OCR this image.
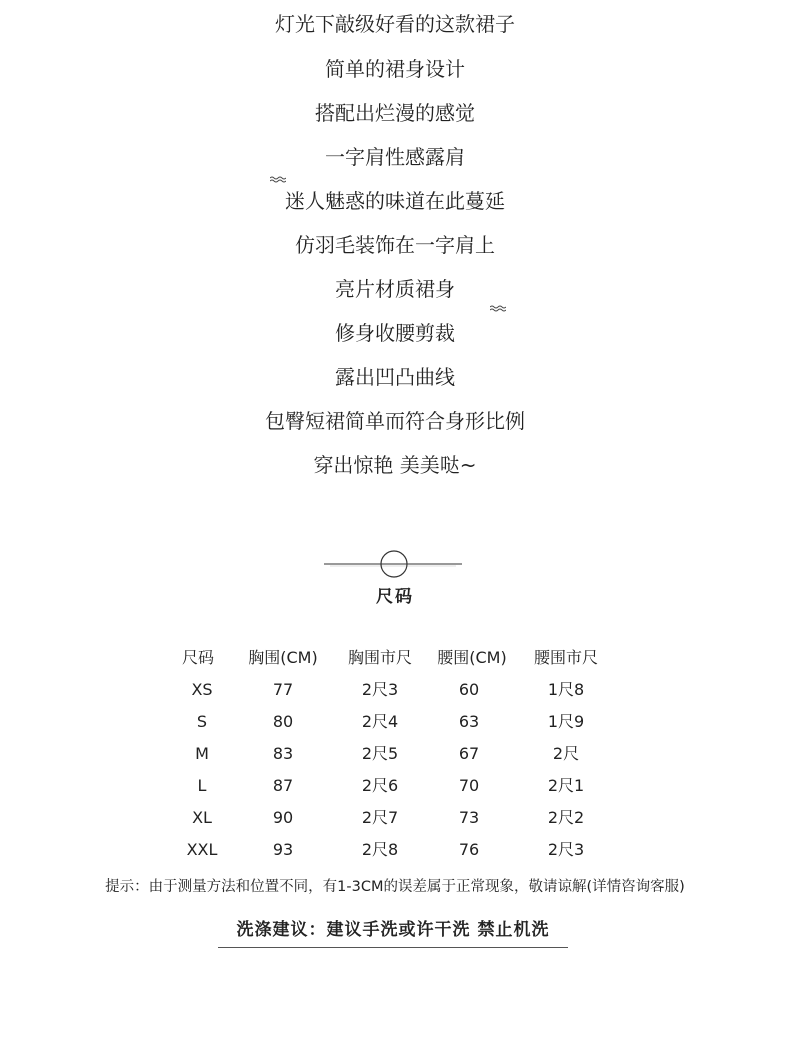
灯光下敲级好看的这款裙子
简单的裙身设计
搭配出烂漫的感觉
一字肩性感露肩
迷人魅惑的味道在此蔓延
仿羽毛装饰在一字肩上
亮片材质裙身
修身收腰剪裁
露出凹凸曲线
包臀短裙简单而符合身形比例
穿出惊艳 美美哒~
尺码
尺码	胸围(CM)	胸围市尺	腰围(CM)	腰围市尺
XS	77	2尺3	60	1尺8
S	80	2尺4	63	1尺9
M	83	2尺5	67	2尺
L	87	2尺6	70	2尺1
XL	90	2尺7	73	2尺2
XXL	93	2尺8	76	2尺3
提示：由于测量方法和位置不同，有1-3CM的误差属于正常现象，敬请谅解(详情咨询客服)
洗涤建议：建议手洗或许干洗 禁止机洗
